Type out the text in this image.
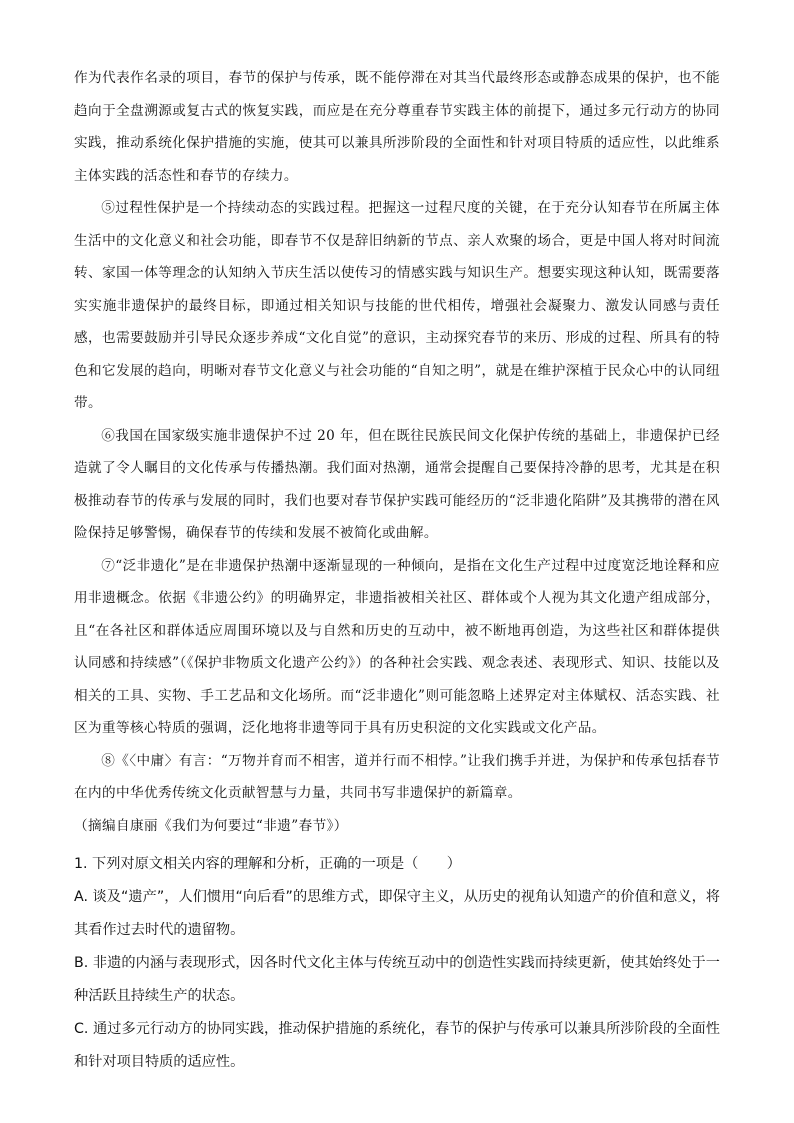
作为代表作名录的项目，春节的保护与传承，既不能停滞在对其当代最终形态或静态成果的保护，也不能趋向于全盘溯源或复古式的恢复实践，而应是在充分尊重春节实践主体的前提下，通过多元行动方的协同实践，推动系统化保护措施的实施，使其可以兼具所涉阶段的全面性和针对项目特质的适应性，以此维系主体实践的活态性和春节的存续力。

⑤过程性保护是一个持续动态的实践过程。把握这一过程尺度的关键，在于充分认知春节在所属主体生活中的文化意义和社会功能，即春节不仅是辞旧纳新的节点、亲人欢聚的场合，更是中国人将对时间流转、家国一体等理念的认知纳入节庆生活以使传习的情感实践与知识生产。想要实现这种认知，既需要落实实施非遗保护的最终目标，即通过相关知识与技能的世代相传，增强社会凝聚力、激发认同感与责任感，也需要鼓励并引导民众逐步养成“文化自觉”的意识，主动探究春节的来历、形成的过程、所具有的特色和它发展的趋向，明晰对春节文化意义与社会功能的“自知之明”，就是在维护深植于民众心中的认同纽带。

⑥我国在国家级实施非遗保护不过 20 年，但在既往民族民间文化保护传统的基础上，非遗保护已经造就了令人瞩目的文化传承与传播热潮。我们面对热潮，通常会提醒自己要保持冷静的思考，尤其是在积极推动春节的传承与发展的同时，我们也要对春节保护实践可能经历的“泛非遗化陷阱”及其携带的潜在风险保持足够警惕，确保春节的传续和发展不被简化或曲解。

⑦“泛非遗化”是在非遗保护热潮中逐渐显现的一种倾向，是指在文化生产过程中过度宽泛地诠释和应用非遗概念。依据《非遗公约》的明确界定，非遗指被相关社区、群体或个人视为其文化遗产组成部分，且“在各社区和群体适应周围环境以及与自然和历史的互动中，被不断地再创造，为这些社区和群体提供认同感和持续感”（《保护非物质文化遗产公约》）的各种社会实践、观念表述、表现形式、知识、技能以及相关的工具、实物、手工艺品和文化场所。而“泛非遗化”则可能忽略上述界定对主体赋权、活态实践、社区为重等核心特质的强调，泛化地将非遗等同于具有历史积淀的文化实践或文化产品。

⑧《〈中庸〉有言：“万物并育而不相害，道并行而不相悖。”让我们携手并进，为保护和传承包括春节在内的中华优秀传统文化贡献智慧与力量，共同书写非遗保护的新篇章。

（摘编自康丽《我们为何要过“非遗”春节》）

1. 下列对原文相关内容的理解和分析，正确的一项是（　　）

A. 谈及“遗产”，人们惯用“向后看”的思维方式，即保守主义，从历史的视角认知遗产的价值和意义，将其看作过去时代的遗留物。

B. 非遗的内涵与表现形式，因各时代文化主体与传统互动中的创造性实践而持续更新，使其始终处于一种活跃且持续生产的状态。

C. 通过多元行动方的协同实践，推动保护措施的系统化，春节的保护与传承可以兼具所涉阶段的全面性和针对项目特质的适应性。
